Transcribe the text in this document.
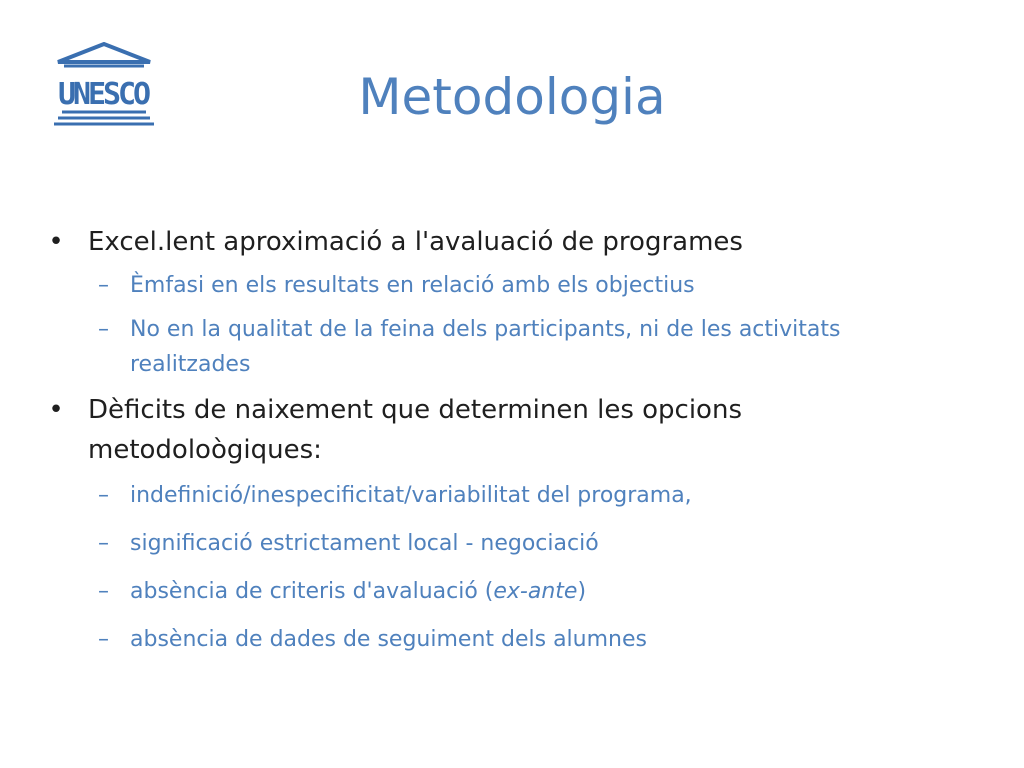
U
N
E
S
C
O	Metodologia
• Excel.lent aproximació a l'avaluació de programes
– Èmfasi en els resultats en relació amb els objectius
– No en la qualitat de la feina dels participants, ni de les activitats realitzades
• Dèficits de naixement que determinen les opcions metodoloògiques:
– indefinició/inespecificitat/variabilitat del programa,
– significació estrictament local - negociació
– absència de criteris d'avaluació (ex-ante)
– absència de dades de seguiment dels alumnes
